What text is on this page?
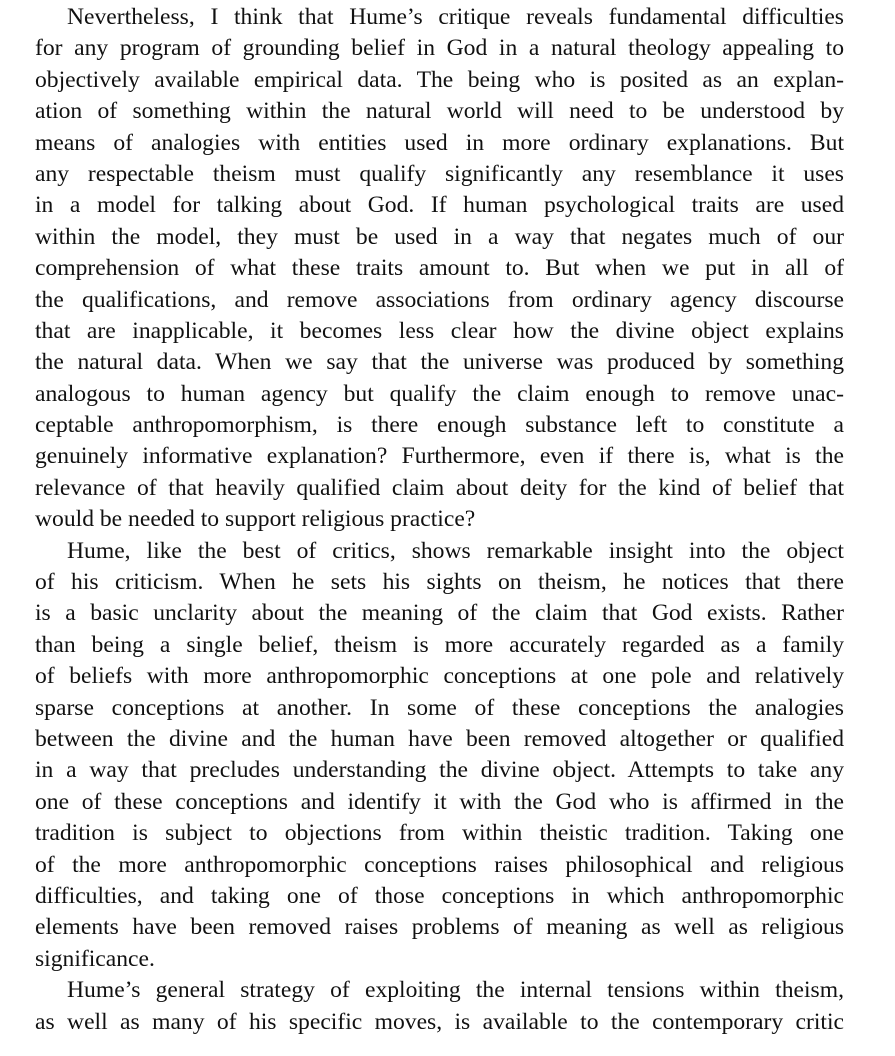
Nevertheless, I think that Hume’s critique reveals fundamental difficulties
for any program of grounding belief in God in a natural theology appealing to
objectively available empirical data. The being who is posited as an explan-
ation of something within the natural world will need to be understood by
means of analogies with entities used in more ordinary explanations. But
any respectable theism must qualify significantly any resemblance it uses
in a model for talking about God. If human psychological traits are used
within the model, they must be used in a way that negates much of our
comprehension of what these traits amount to. But when we put in all of
the qualifications, and remove associations from ordinary agency discourse
that are inapplicable, it becomes less clear how the divine object explains
the natural data. When we say that the universe was produced by something
analogous to human agency but qualify the claim enough to remove unac-
ceptable anthropomorphism, is there enough substance left to constitute a
genuinely informative explanation? Furthermore, even if there is, what is the
relevance of that heavily qualified claim about deity for the kind of belief that
would be needed to support religious practice?
Hume, like the best of critics, shows remarkable insight into the object
of his criticism. When he sets his sights on theism, he notices that there
is a basic unclarity about the meaning of the claim that God exists. Rather
than being a single belief, theism is more accurately regarded as a family
of beliefs with more anthropomorphic conceptions at one pole and relatively
sparse conceptions at another. In some of these conceptions the analogies
between the divine and the human have been removed altogether or qualified
in a way that precludes understanding the divine object. Attempts to take any
one of these conceptions and identify it with the God who is affirmed in the
tradition is subject to objections from within theistic tradition. Taking one
of the more anthropomorphic conceptions raises philosophical and religious
difficulties, and taking one of those conceptions in which anthropomorphic
elements have been removed raises problems of meaning as well as religious
significance.
Hume’s general strategy of exploiting the internal tensions within theism,
as well as many of his specific moves, is available to the contemporary critic
